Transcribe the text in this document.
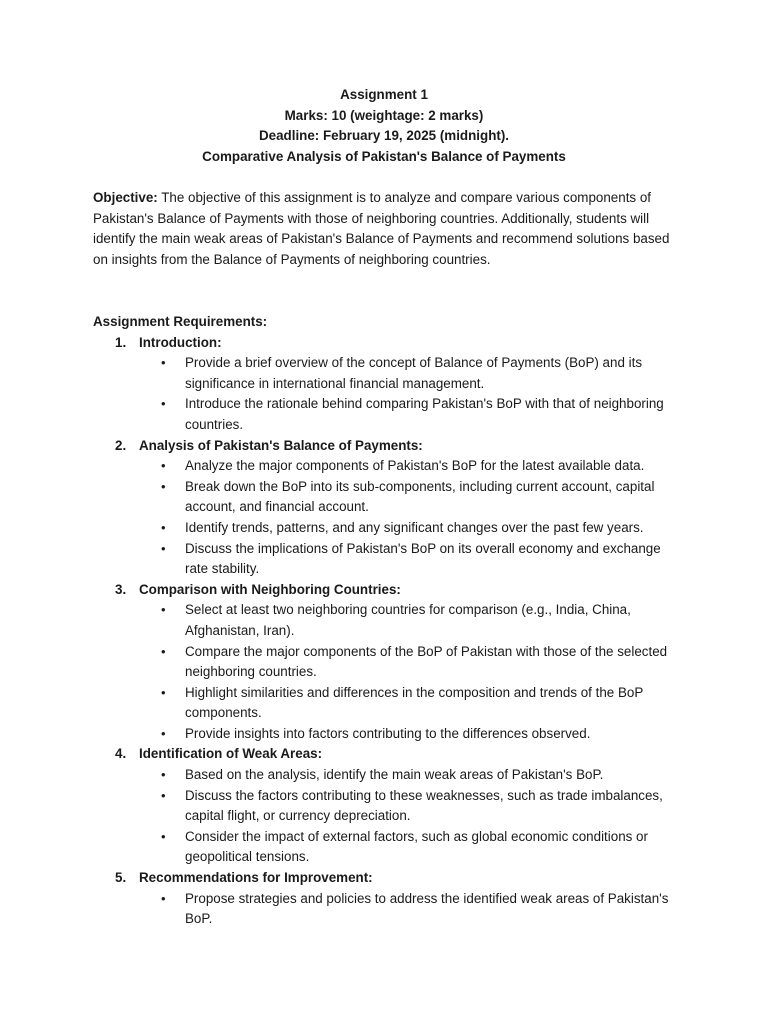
Assignment 1
Marks: 10 (weightage: 2 marks)
Deadline: February 19, 2025 (midnight).
Comparative Analysis of Pakistan's Balance of Payments
Objective: The objective of this assignment is to analyze and compare various components of Pakistan's Balance of Payments with those of neighboring countries. Additionally, students will identify the main weak areas of Pakistan's Balance of Payments and recommend solutions based on insights from the Balance of Payments of neighboring countries.
Assignment Requirements:
1. Introduction:
• Provide a brief overview of the concept of Balance of Payments (BoP) and its significance in international financial management.
• Introduce the rationale behind comparing Pakistan's BoP with that of neighboring countries.
2. Analysis of Pakistan's Balance of Payments:
• Analyze the major components of Pakistan's BoP for the latest available data.
• Break down the BoP into its sub-components, including current account, capital account, and financial account.
• Identify trends, patterns, and any significant changes over the past few years.
• Discuss the implications of Pakistan's BoP on its overall economy and exchange rate stability.
3. Comparison with Neighboring Countries:
• Select at least two neighboring countries for comparison (e.g., India, China, Afghanistan, Iran).
• Compare the major components of the BoP of Pakistan with those of the selected neighboring countries.
• Highlight similarities and differences in the composition and trends of the BoP components.
• Provide insights into factors contributing to the differences observed.
4. Identification of Weak Areas:
• Based on the analysis, identify the main weak areas of Pakistan's BoP.
• Discuss the factors contributing to these weaknesses, such as trade imbalances, capital flight, or currency depreciation.
• Consider the impact of external factors, such as global economic conditions or geopolitical tensions.
5. Recommendations for Improvement:
• Propose strategies and policies to address the identified weak areas of Pakistan's BoP.
